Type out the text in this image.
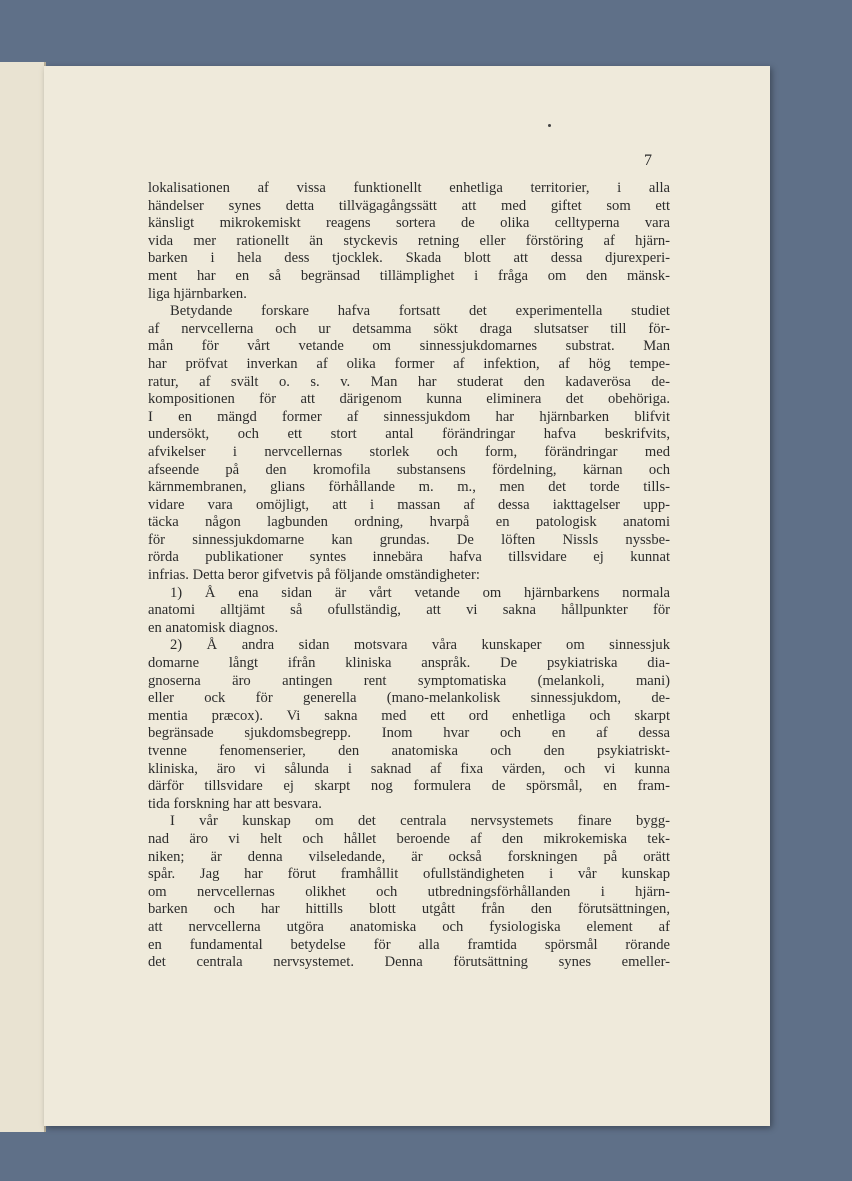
7
lokalisationen af vissa funktionellt enhetliga territorier, i alla
händelser synes detta tillvägagångssätt att med giftet som ett
känsligt mikrokemiskt reagens sortera de olika celltyperna vara
vida mer rationellt än styckevis retning eller förstöring af hjärn-
barken i hela dess tjocklek. Skada blott att dessa djurexperi-
ment har en så begränsad tillämplighet i fråga om den mänsk-
liga hjärnbarken.
Betydande forskare hafva fortsatt det experimentella studiet
af nervcellerna och ur detsamma sökt draga slutsatser till för-
mån för vårt vetande om sinnessjukdomarnes substrat. Man
har pröfvat inverkan af olika former af infektion, af hög tempe-
ratur, af svält o. s. v. Man har studerat den kadaverösa de-
kompositionen för att därigenom kunna eliminera det obehöriga.
I en mängd former af sinnessjukdom har hjärnbarken blifvit
undersökt, och ett stort antal förändringar hafva beskrifvits,
afvikelser i nervcellernas storlek och form, förändringar med
afseende på den kromofila substansens fördelning, kärnan och
kärnmembranen, glians förhållande m. m., men det torde tills-
vidare vara omöjligt, att i massan af dessa iakttagelser upp-
täcka någon lagbunden ordning, hvarpå en patologisk anatomi
för sinnessjukdomarne kan grundas. De löften Nissls nyssbe-
rörda publikationer syntes innebära hafva tillsvidare ej kunnat
infrias. Detta beror gifvetvis på följande omständigheter:
1) Å ena sidan är vårt vetande om hjärnbarkens normala
anatomi alltjämt så ofullständig, att vi sakna hållpunkter för
en anatomisk diagnos.
2) Å andra sidan motsvara våra kunskaper om sinnessjuk
domarne långt ifrån kliniska anspråk. De psykiatriska dia-
gnoserna äro antingen rent symptomatiska (melankoli, mani)
eller ock för generella (mano-melankolisk sinnessjukdom, de-
mentia præcox). Vi sakna med ett ord enhetliga och skarpt
begränsade sjukdomsbegrepp. Inom hvar och en af dessa
tvenne fenomenserier, den anatomiska och den psykiatriskt-
kliniska, äro vi sålunda i saknad af fixa värden, och vi kunna
därför tillsvidare ej skarpt nog formulera de spörsmål, en fram-
tida forskning har att besvara.
I vår kunskap om det centrala nervsystemets finare bygg-
nad äro vi helt och hållet beroende af den mikrokemiska tek-
niken; är denna vilseledande, är också forskningen på orätt
spår. Jag har förut framhållit ofullständigheten i vår kunskap
om nervcellernas olikhet och utbredningsförhållanden i hjärn-
barken och har hittills blott utgått från den förutsättningen,
att nervcellerna utgöra anatomiska och fysiologiska element af
en fundamental betydelse för alla framtida spörsmål rörande
det centrala nervsystemet. Denna förutsättning synes emeller-
